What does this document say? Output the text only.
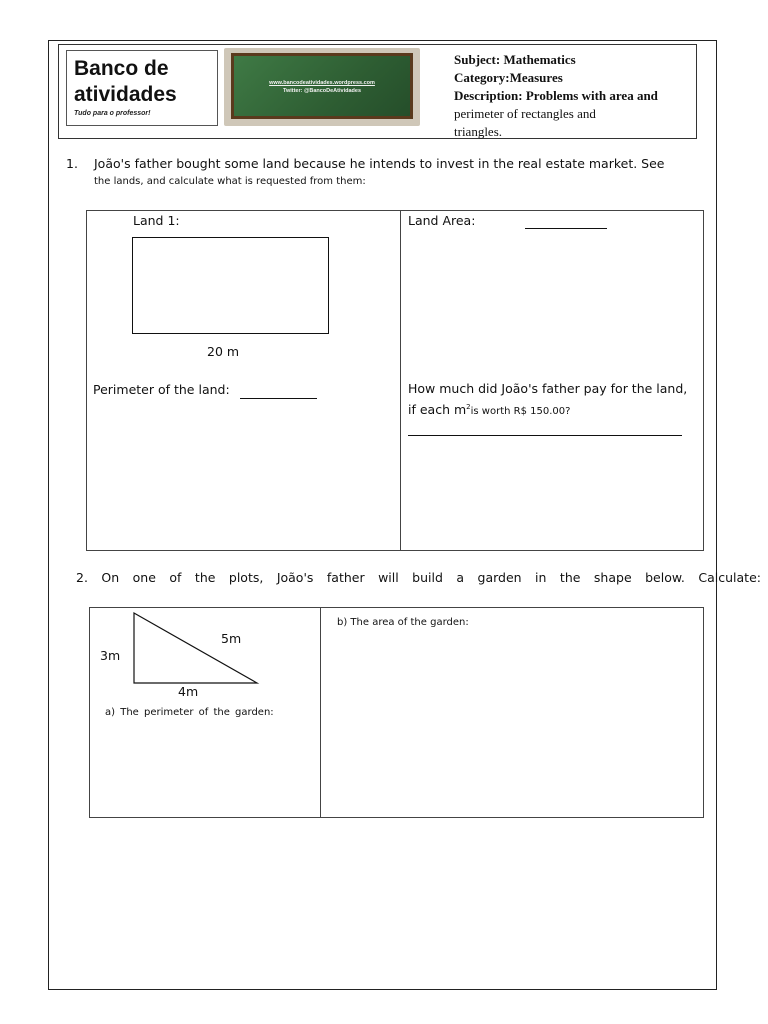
Banco de
atividades
Tudo para o professor!
www.bancodeatividades.wordpress.com
Twitter: @BancoDeAtividades
Subject: Mathematics
Category:Measures
Description: Problems with area and
perimeter of rectangles and
triangles.
1. João's father bought some land because he intends to invest in the real estate market. See
the lands, and calculate what is requested from them:
Land 1:
20 m
Perimeter of the land:
Land Area:
How much did João's father pay for the land,
if each $m^2is$ worth R$ 150.00?
2. On one of the plots, João's father will build a garden in the shape below. Calculate:
5m
3m
4m
a) The perimeter of the garden:
b) The area of the garden:
